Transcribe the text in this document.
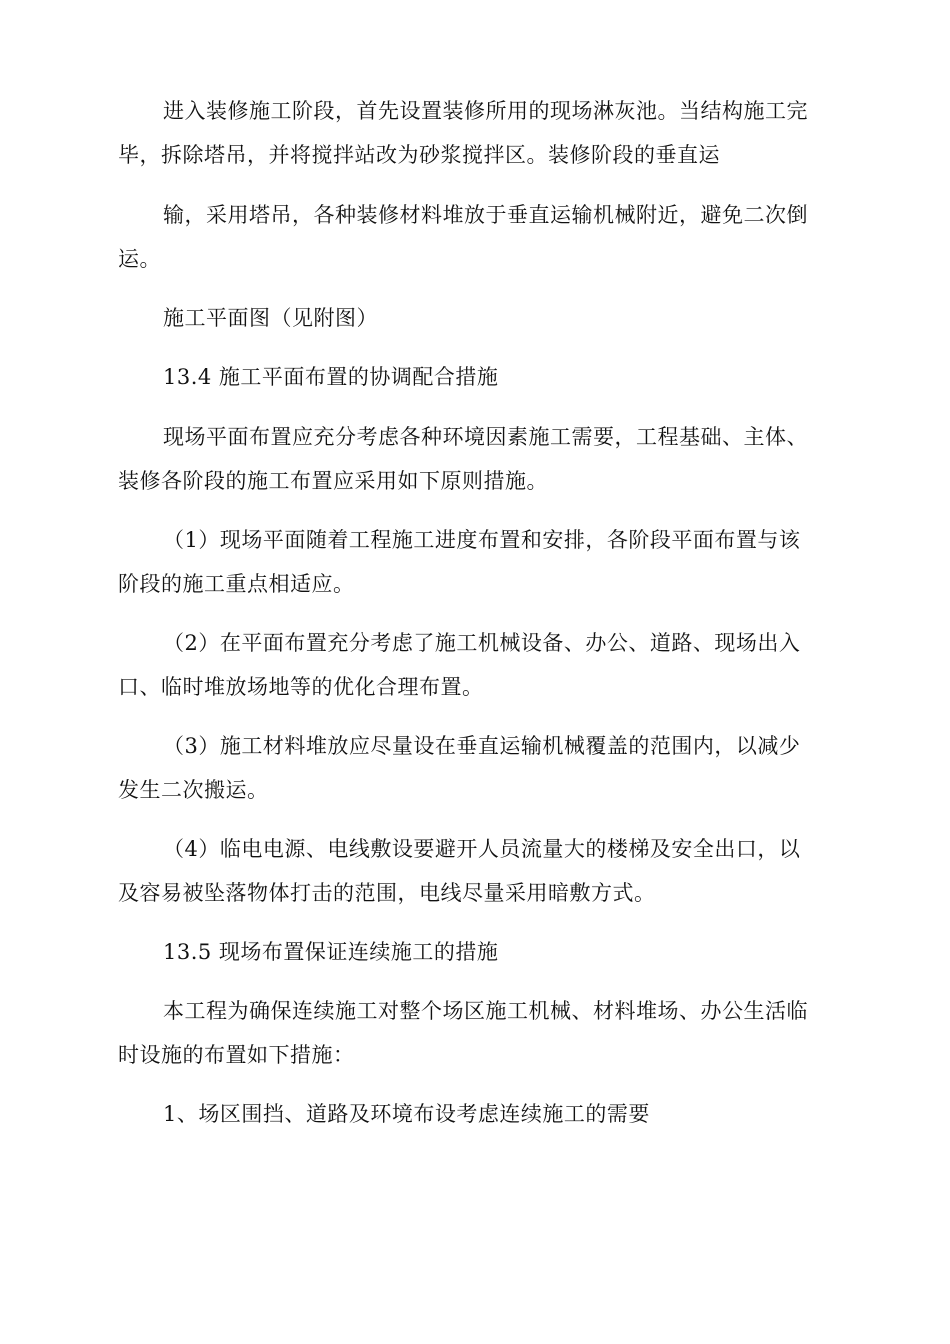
进入装修施工阶段，首先设置装修所用的现场淋灰池。当结构施工完
毕，拆除塔吊，并将搅拌站改为砂浆搅拌区。装修阶段的垂直运
输，采用塔吊，各种装修材料堆放于垂直运输机械附近，避免二次倒
运。
施工平面图（见附图）
13.4 施工平面布置的协调配合措施
现场平面布置应充分考虑各种环境因素施工需要，工程基础、主体、
装修各阶段的施工布置应采用如下原则措施。
（1）现场平面随着工程施工进度布置和安排，各阶段平面布置与该
阶段的施工重点相适应。
（2）在平面布置充分考虑了施工机械设备、办公、道路、现场出入
口、临时堆放场地等的优化合理布置。
（3）施工材料堆放应尽量设在垂直运输机械覆盖的范围内，以减少
发生二次搬运。
（4）临电电源、电线敷设要避开人员流量大的楼梯及安全出口，以
及容易被坠落物体打击的范围，电线尽量采用暗敷方式。
13.5 现场布置保证连续施工的措施
本工程为确保连续施工对整个场区施工机械、材料堆场、办公生活临
时设施的布置如下措施：
1、场区围挡、道路及环境布设考虑连续施工的需要
